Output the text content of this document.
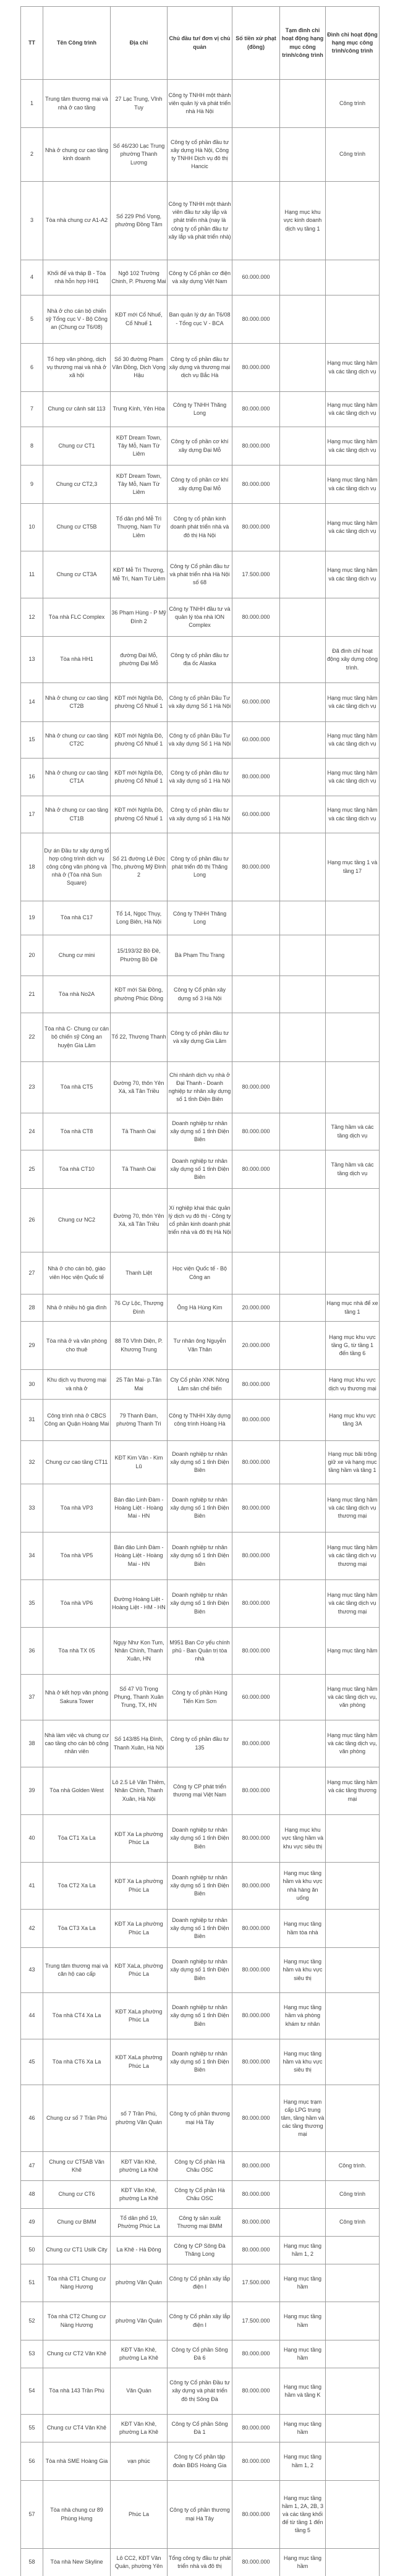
TT	Tên Công trình	Địa chỉ	Chủ đầu tư/ đơn vị chủ quản	Số tiền xử phạt (đồng)	Tạm đình chỉ hoạt động hạng mục công trình/công trình	Đình chỉ hoạt động hạng mục công trình/công trình
1	Trung tâm thương mại và nhà ở cao tầng	27 Lạc Trung, Vĩnh Tuy	Công ty TNHH một thành viên quản lý và phát triển nhà Hà Nội			Công trình
2	Nhà ở chung cư cao tầng kinh doanh	Số 46/230 Lạc Trung phường Thanh Lương	Công ty cổ phần đầu tư xây dựng Hà Nội, Công ty TNHH Dịch vụ đô thị Hancic			Công trình
3	Tòa nhà chung cư A1-A2	Số 229 Phố Vọng, phường Đồng Tâm	Công ty TNHH một thành viên đầu tư xây lắp và phát triển nhà (nay là công ty cổ phần đầu tư xây lắp và phát triển nhà)		Hạng mục khu vực kinh doanh dịch vụ tầng 1	
4	Khối đế và tháp B - Tòa nhà hỗn hợp HH1	Ngõ 102 Trường Chinh, P. Phương Mai	Công ty Cổ phần cơ điện và xây dựng Việt Nam	60.000.000		
5	Nhà ở cho cán bộ chiến sỹ Tổng cục V - Bộ Công an (Chung cư T6/08)	KĐT mới Cổ Nhuế, Cổ Nhuế 1	Ban quản lý dự án T6/08 - Tổng cục V - BCA	80.000.000		
6	Tổ hợp văn phòng, dịch vụ thương mại và nhà ở xã hội	Số 30 đường Phạm Văn Đồng, Dịch Vọng Hậu	Công ty cổ phần đầu tư xây dựng và thương mại dịch vụ Bắc Hà	80.000.000		Hạng mục tầng hầm và các tầng dịch vụ
7	Chung cư cảnh sát 113	Trung Kính, Yên Hòa	Công ty TNHH Thăng Long	80.000.000		Hạng mục tầng hầm và các tầng dịch vụ
8	Chung cư CT1	KĐT Dream Town, Tây Mỗ, Nam Từ Liêm	Công ty cổ phần cơ khí xây dựng Đại Mỗ	80.000.000		Hạng mục tầng hầm và các tầng dịch vụ
9	Chung cư CT2,3	KĐT Dream Town, Tây Mỗ, Nam Từ Liêm	Công ty cổ phần cơ khí xây dựng Đại Mỗ	80.000.000		Hạng mục tầng hầm và các tầng dịch vụ
10	Chung cư CT5B	Tổ dân phố Mễ Trì Thượng, Nam Từ Liêm	Công ty cổ phần kinh doanh phát triển nhà và đô thị Hà Nội	80.000.000		Hạng mục tầng hầm và các tầng dịch vụ
11	Chung cư CT3A	KĐT Mễ Trì Thượng, Mễ Trì, Nam Từ Liêm	Công ty Cổ phần đầu tư và phát triển nhà Hà Nội số 68	17.500.000		Hạng mục tầng hầm và các tầng dịch vụ
12	Tòa nhà FLC Complex	36 Phạm Hùng - P Mỹ Đình 2	Công ty TNHH đầu tư và quản lý tòa nhà ION Complex	80.000.000		
13	Tòa nhà HH1	đường Đại Mỗ, phường Đại Mỗ	Công ty cổ phần đầu tư địa ốc Alaska			Đã đình chỉ hoạt động xây dựng công trình.
14	Nhà ở chung cư cao tầng CT2B	KĐT mới Nghĩa Đô, phường Cổ Nhuế 1	Công ty cổ phần Đầu Tư và xây dựng Số 1 Hà Nội	60.000.000		Hạng mục tầng hầm và các tầng dịch vụ
15	Nhà ở chung cư cao tầng CT2C	KĐT mới Nghĩa Đô, phường Cổ Nhuế 1	Công ty cổ phần Đầu Tư và xây dựng Số 1 Hà Nội	60.000.000		Hạng mục tầng hầm và các tầng dịch vụ
16	Nhà ở chung cư cao tầng CT1A	KĐT mới Nghĩa Đô, phường Cổ Nhuế 1	Công ty cổ phần đầu tư và xây dựng số 1 Hà Nội	80.000.000		Hạng mục tầng hầm và các tầng dịch vụ
17	Nhà ở chung cư cao tầng CT1B	KĐT mới Nghĩa Đô, phường Cổ Nhuế 1	Công ty cổ phần đầu tư và xây dựng số 1 Hà Nội	60.000.000		Hạng mục tầng hầm và các tầng dịch vụ
18	Dự án Đầu tư xây dựng tổ hợp công trình dịch vụ công cộng văn phòng và nhà ở (Tòa nhà Sun Square)	Số 21 đường Lê Đức Thọ, phường Mỹ Đình 2	Công ty cổ phần đầu tư phát triển đô thị Thăng Long	80.000.000		Hạng mục tầng 1 và tầng 17
19	Tòa nhà C17	Tổ 14, Ngọc Thụy, Long Biên, Hà Nội	Công ty TNHH Thăng Long			
20	Chung cư mini	15/193/32 Bồ Đề, Phường Bồ Đề	Bà Phạm Thu Trang			
21	Tòa nhà No2A	KĐT mới Sài Đồng, phường Phúc Đồng	Công ty Cổ phần xây dựng số 3 Hà Nội			
22	Tòa nhà C- Chung cư cán bộ chiến sỹ Công an huyện Gia Lâm	Tổ 22, Thượng Thanh	Công ty cổ phần đầu tư và xây dựng Gia Lâm			
23	Tòa nhà CT5	Đường 70, thôn Yên Xá, xã Tân Triều	Chi nhánh dịch vụ nhà ở Đại Thanh - Doanh nghiệp tư nhân xây dựng số 1 tỉnh Điện Biên	80.000.000		
24	Tòa nhà CT8	Tả Thanh Oai	Doanh nghiệp tư nhân xây dựng số 1 tỉnh Điện Biên	80.000.000		Tầng hầm và các tầng dịch vụ
25	Tòa nhà CT10	Tả Thanh Oai	Doanh nghiệp tư nhân xây dựng số 1 tỉnh Điện Biên	80.000.000		Tầng hầm và các tầng dịch vụ
26	Chung cư NC2	Đường 70, thôn Yên Xá, xã Tân Triều	Xí nghiệp khai thác quản lý dịch vụ đô thị - Công ty cổ phần kinh doanh phát triển nhà và đô thị Hà Nội			
27	Nhà ở cho cán bộ, giáo viên Học viện Quốc tế	Thanh Liệt	Học viện Quốc tế - Bộ Công an			
28	Nhà ở nhiều hộ gia đình	76 Cự Lộc, Thượng Đình	Ông Hà Hùng Kim	20.000.000		Hạng mục nhà để xe tầng 1
29	Tòa nhà ở và văn phòng cho thuê	88 Tô Vĩnh Diện, P. Khương Trung	Tư nhân ông Nguyễn Văn Thân	20.000.000		Hạng mục khu vực tầng G, từ tầng 1 đến tầng 6
30	Khu dịch vụ thương mại và nhà ở	25 Tân Mai- p.Tân Mai	Cty Cổ phần XNK Nông Lâm sản chế biến	80.000.000		Hạng mục khu vực dịch vụ thương mại
31	Công trình nhà ở CBCS Công an Quận Hoàng Mai	79 Thanh Đàm, phường Thanh Trì	Công ty TNHH Xây dựng công trình Hoàng Hà	80.000.000		Hạng mục khu vực tầng 3A
32	Chung cư cao tầng CT11	KĐT Kim Văn - Kim Lũ	Doanh nghiệp tư nhân xây dựng số 1 tỉnh Điện Biên	80.000.000		Hạng mục bãi trông giữ xe và hạng mục tầng hầm và tầng 1
33	Tòa nhà VP3	Bán đảo Linh Đàm - Hoàng Liệt - Hoàng Mai - HN	Doanh nghiệp tư nhân xây dựng số 1 tỉnh Điện Biên	80.000.000		Hạng mục tầng hầm và các tầng dịch vụ thương mại
34	Tòa nhà VP5	Bán đảo Linh Đàm - Hoàng Liệt - Hoàng Mai - HN	Doanh nghiệp tư nhân xây dựng số 1 tỉnh Điện Biên	80.000.000		Hạng mục tầng hầm và các tầng dịch vụ thương mại
35	Tòa nhà VP6	Đường Hoàng Liệt - Hoàng Liệt - HM - HN	Doanh nghiệp tư nhân xây dựng số 1 tỉnh Điện Biên	80.000.000		Hạng mục tầng hầm và các tầng dịch vụ thương mại
36	Tòa nhà TX 05	Ngụy Như Kon Tum, Nhân Chính, Thanh Xuân, HN	M951 Ban Cơ yếu chính phủ - Ban Quản trị tòa nhà	80.000.000		Hạng mục tầng hầm
37	Nhà ở kết hợp văn phòng Sakura Tower	Số 47 Vũ Trọng Phụng, Thanh Xuân Trung, TX, HN	Công ty cổ phần Hùng Tiến Kim Sơn	60.000.000		Hạng mục tầng hầm và các tầng dịch vụ, văn phòng
38	Nhà làm việc và chung cư cao tầng cho cán bộ công nhân viên	Số 143/85 Hạ Đình, Thanh Xuân, Hà Nội	Công ty cổ phần đầu tư 135	80.000.000		Hạng mục tầng hầm và các tầng dịch vụ, văn phòng
39	Tòa nhà Golden West	Lô 2.5 Lê Văn Thiêm, Nhân Chính, Thanh Xuân, Hà Nội	Công ty CP phát triển thương mại Việt Nam	80.000.000		Hạng mục tầng hầm và các tầng thương mại
40	Tòa CT1 Xa La	KĐT Xa La phường Phúc La	Doanh nghiệp tư nhân xây dựng số 1 tỉnh Điện Biên	80.000.000	Hạng mục khu vực tầng hầm và khu vực siêu thị	
41	Tòa CT2 Xa La	KĐT Xa La phường Phúc La	Doanh nghiệp tư nhân xây dựng số 1 tỉnh Điện Biên	80.000.000	Hạng mục tầng hầm và khu vực nhà hàng ăn uống	
42	Tòa CT3 Xa La	KĐT Xa La phường Phúc La	Doanh nghiệp tư nhân xây dựng số 1 tỉnh Điện Biên	80.000.000	Hạng mục tầng hầm tòa nhà	
43	Trung tâm thương mại và căn hộ cao cấp	KĐT XaLa, phường Phúc La	Doanh nghiệp tư nhân xây dựng số 1 tỉnh Điện Biên	80.000.000	Hạng mục tầng hầm và khu vực siêu thị	
44	Tòa nhà CT4 Xa La	KĐT XaLa phường Phúc La	Doanh nghiệp tư nhân xây dựng số 1 tỉnh Điện Biên	80.000.000	Hạng mục tầng hầm và phòng khám tư nhân	
45	Tòa nhà CT6 Xa La	KĐT XaLa phường Phúc La	Doanh nghiệp tư nhân xây dựng số 1 tỉnh Điện Biên	80.000.000	Hạng mục tầng hầm và khu vực siêu thị	
46	Chung cư số 7 Trần Phú	số 7 Trần Phú, phường Văn Quán	Công ty cổ phần thương mại Hà Tây	80.000.000	Hạng mục trạm cấp LPG trung tâm, tầng hầm và các tầng thương mại	
47	Chung cư CT5AB Văn Khê	KĐT Văn Khê, phường La Khê	Công ty Cổ phần Hà Châu OSC	80.000.000		Công trình.
48	Chung cư CT6	KĐT Văn Khê, phường La Khê	Công ty Cổ phần Hà Châu OSC	80.000.000		Công trình
49	Chung cư BMM	Tổ dân phố 19, Phường Phúc La	Công ty sản xuất Thương mại BMM	80.000.000		Công trình
50	Chung cư CT1 Usilk City	La Khê - Hà Đông	Công ty CP Sông Đà Thăng Long	80.000.000	Hạng mục tầng hầm 1, 2	
51	Tòa nhà CT1 Chung cư Nàng Hương	phường Văn Quán	Công ty Cổ phần xây lắp điện I	17.500.000	Hạng mục tầng hầm	
52	Tòa nhà CT2 Chung cư Nàng Hương	phường Văn Quán	Công ty Cổ phần xây lắp điện I	17.500.000	Hạng mục tầng hầm	
53	Chung cư CT2 Văn Khê	KĐT Văn Khê, phường La Khê	Công ty Cổ phần Sông Đà 6	80.000.000	Hạng mục tầng hầm	
54	Tòa nhà 143 Trần Phú	Văn Quán	Công ty Cổ phần Đầu tư xây dựng và phát triển đô thị Sông Đà	80.000.000	Hạng mục tầng hầm và tầng K	
55	Chung cư CT4 Văn Khê	KĐT Văn Khê, phường La Khê	Công ty Cổ phần Sông Đà 1	80.000.000	Hạng mục tầng hầm	
56	Tòa nhà SME Hoàng Gia	vạn phúc	Công ty Cổ phần tập đoàn BĐS Hoàng Gia	80.000.000	Hạng mục tầng hầm 1, 2	
57	Tòa nhà chung cư 89 Phùng Hưng	Phúc La	Công ty cổ phần thương mại Hà Tây	80.000.000	Hạng mục tầng hầm 1, 2A, 2B, 3 và các tầng khối đế từ tầng 1 đến tầng 5	
58	Tòa nhà New Skyline	Lô CC2, KĐT Văn Quán, phường Yên	Tổng công ty đầu tư phát triển nhà và đô thị	80.000.000	Hạng mục tầng hầm	
